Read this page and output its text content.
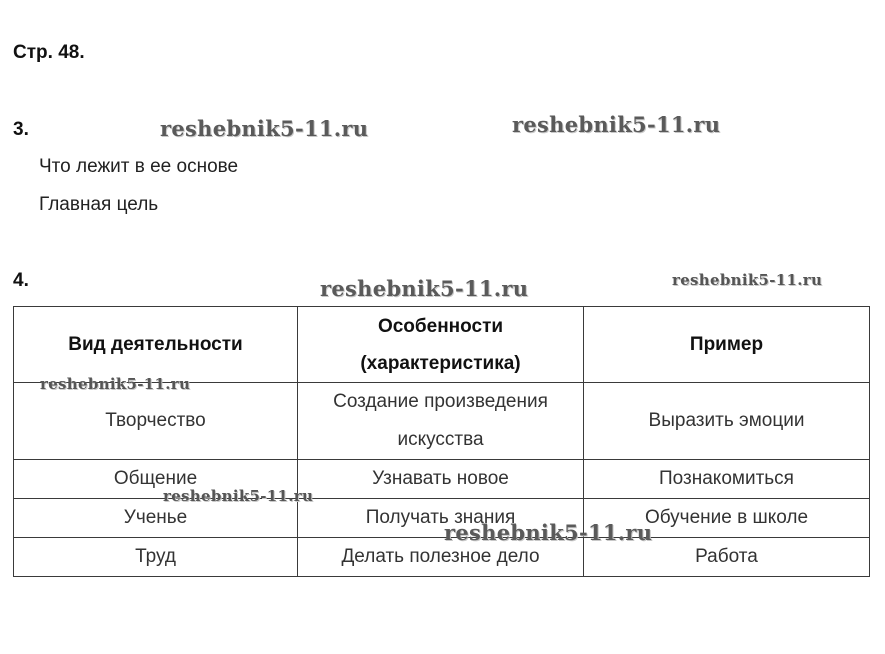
Стр. 48.
3.
Что лежит в ее основе
Главная цель
4.
Вид деятельности	Особенности (характеристика)	Пример
Творчество	Создание произведения искусства	Выразить эмоции
Общение	Узнавать новое	Познакомиться
Ученье	Получать знания	Обучение в школе
Труд	Делать полезное дело	Работа
reshebnik5-11.ru	reshebnik5-11.ru
reshebnik5-11.ru	reshebnik5-11.ru
reshebnik5-11.ru
reshebnik5-11.ru
reshebnik5-11.ru
